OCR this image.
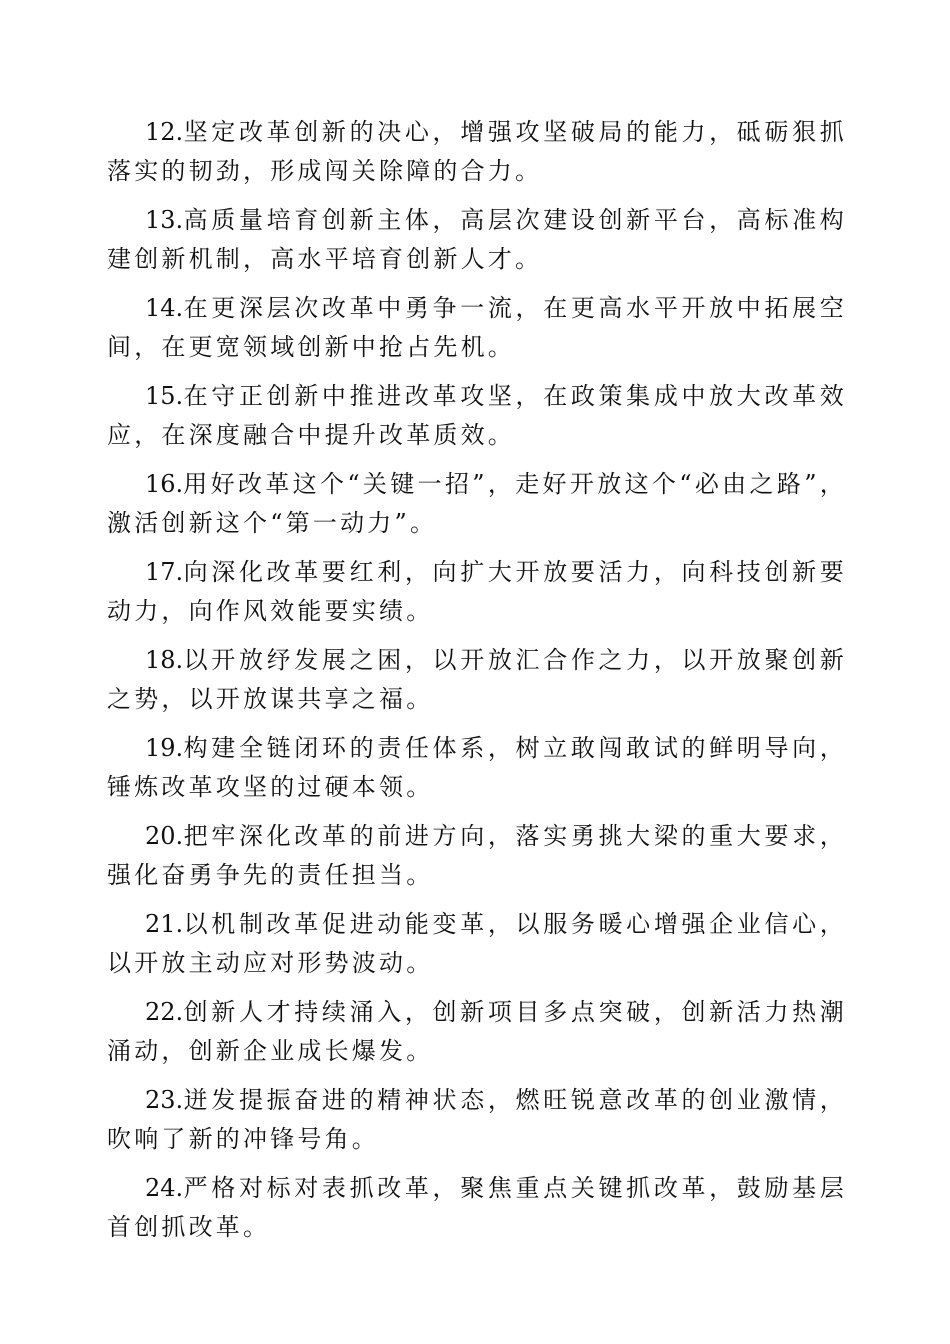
12.坚定改革创新的决心，增强攻坚破局的能力，砥砺狠抓落实的韧劲，形成闯关除障的合力。

13.高质量培育创新主体，高层次建设创新平台，高标准构建创新机制，高水平培育创新人才。

14.在更深层次改革中勇争一流，在更高水平开放中拓展空间，在更宽领域创新中抢占先机。

15.在守正创新中推进改革攻坚，在政策集成中放大改革效应，在深度融合中提升改革质效。

16.用好改革这个“关键一招”，走好开放这个“必由之路”，激活创新这个“第一动力”。

17.向深化改革要红利，向扩大开放要活力，向科技创新要动力，向作风效能要实绩。

18.以开放纾发展之困，以开放汇合作之力，以开放聚创新之势，以开放谋共享之福。

19.构建全链闭环的责任体系，树立敢闯敢试的鲜明导向，锤炼改革攻坚的过硬本领。

20.把牢深化改革的前进方向，落实勇挑大梁的重大要求，强化奋勇争先的责任担当。

21.以机制改革促进动能变革，以服务暖心增强企业信心，以开放主动应对形势波动。

22.创新人才持续涌入，创新项目多点突破，创新活力热潮涌动，创新企业成长爆发。

23.迸发提振奋进的精神状态，燃旺锐意改革的创业激情，吹响了新的冲锋号角。

24.严格对标对表抓改革，聚焦重点关键抓改革，鼓励基层首创抓改革。
